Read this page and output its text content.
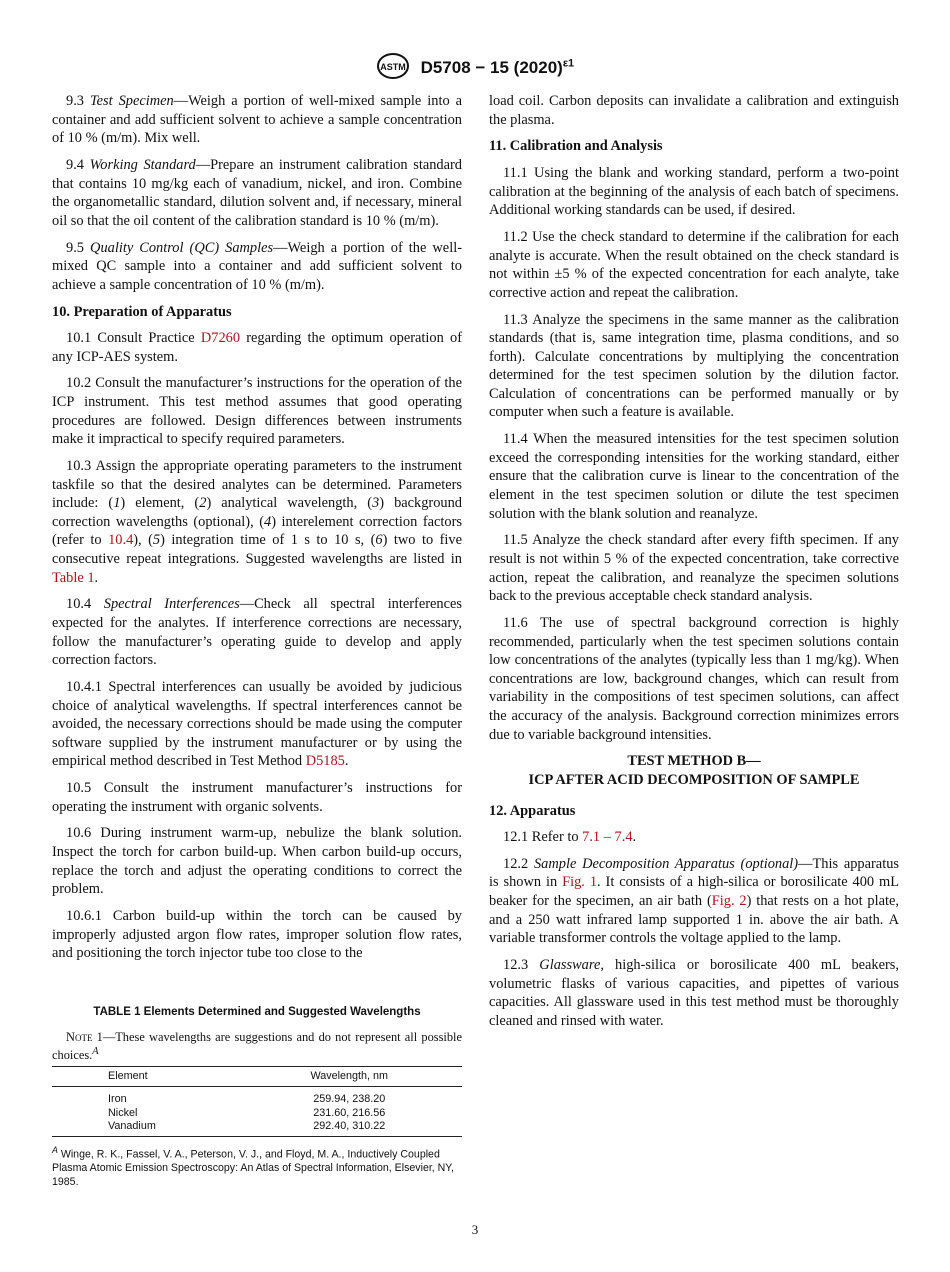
ASTM D5708 − 15 $(2020)^{\varepsilon 1}$

9.3 Test Specimen—Weigh a portion of well-mixed sample into a container and add sufficient solvent to achieve a sample concentration of 10 % (m/m). Mix well.

9.4 Working Standard—Prepare an instrument calibration standard that contains 10 mg/kg each of vanadium, nickel, and iron. Combine the organometallic standard, dilution solvent and, if necessary, mineral oil so that the oil content of the calibration standard is 10 % (m/m).

9.5 Quality Control (QC) Samples—Weigh a portion of the well-mixed QC sample into a container and add sufficient solvent to achieve a sample concentration of 10 % (m/m).

10. Preparation of Apparatus

10.1 Consult Practice D7260 regarding the optimum operation of any ICP-AES system.

10.2 Consult the manufacturer’s instructions for the operation of the ICP instrument. This test method assumes that good operating procedures are followed. Design differences between instruments make it impractical to specify required parameters.

10.3 Assign the appropriate operating parameters to the instrument taskfile so that the desired analytes can be determined. Parameters include: (1) element, (2) analytical wavelength, (3) background correction wavelengths (optional), (4) interelement correction factors (refer to 10.4), (5) integration time of 1 s to 10 s, (6) two to five consecutive repeat integrations. Suggested wavelengths are listed in Table 1.

10.4 Spectral Interferences—Check all spectral interferences expected for the analytes. If interference corrections are necessary, follow the manufacturer’s operating guide to develop and apply correction factors.

10.4.1 Spectral interferences can usually be avoided by judicious choice of analytical wavelengths. If spectral interferences cannot be avoided, the necessary corrections should be made using the computer software supplied by the instrument manufacturer or by using the empirical method described in Test Method D5185.

10.5 Consult the instrument manufacturer’s instructions for operating the instrument with organic solvents.

10.6 During instrument warm-up, nebulize the blank solution. Inspect the torch for carbon build-up. When carbon build-up occurs, replace the torch and adjust the operating conditions to correct the problem.

10.6.1 Carbon build-up within the torch can be caused by improperly adjusted argon flow rates, improper solution flow rates, and positioning the torch injector tube too close to the

TABLE 1 Elements Determined and Suggested Wavelengths
Note 1—These wavelengths are suggestions and do not represent all possible choices.$^A$
Element	Wavelength, nm
Iron	259.94, 238.20
Nickel	231.60, 216.56
Vanadium	292.40, 310.22
$^A$ Winge, R. K., Fassel, V. A., Peterson, V. J., and Floyd, M. A., Inductively Coupled Plasma Atomic Emission Spectroscopy: An Atlas of Spectral Information, Elsevier, NY, 1985.

load coil. Carbon deposits can invalidate a calibration and extinguish the plasma.

11. Calibration and Analysis

11.1 Using the blank and working standard, perform a two-point calibration at the beginning of the analysis of each batch of specimens. Additional working standards can be used, if desired.

11.2 Use the check standard to determine if the calibration for each analyte is accurate. When the result obtained on the check standard is not within ±5 % of the expected concentration for each analyte, take corrective action and repeat the calibration.

11.3 Analyze the specimens in the same manner as the calibration standards (that is, same integration time, plasma conditions, and so forth). Calculate concentrations by multiplying the concentration determined for the test specimen solution by the dilution factor. Calculation of concentrations can be performed manually or by computer when such a feature is available.

11.4 When the measured intensities for the test specimen solution exceed the corresponding intensities for the working standard, either ensure that the calibration curve is linear to the concentration of the element in the test specimen solution or dilute the test specimen solution with the blank solution and reanalyze.

11.5 Analyze the check standard after every fifth specimen. If any result is not within 5 % of the expected concentration, take corrective action, repeat the calibration, and reanalyze the specimen solutions back to the previous acceptable check standard analysis.

11.6 The use of spectral background correction is highly recommended, particularly when the test specimen solutions contain low concentrations of the analytes (typically less than 1 mg/kg). When concentrations are low, background changes, which can result from variability in the compositions of test specimen solutions, can affect the accuracy of the analysis. Background correction minimizes errors due to variable background intensities.

TEST METHOD B—
ICP AFTER ACID DECOMPOSITION OF SAMPLE
12. Apparatus

12.1 Refer to 7.1 – 7.4.

12.2 Sample Decomposition Apparatus (optional)—This apparatus is shown in Fig. 1. It consists of a high-silica or borosilicate 400 mL beaker for the specimen, an air bath (Fig. 2) that rests on a hot plate, and a 250 watt infrared lamp supported 1 in. above the air bath. A variable transformer controls the voltage applied to the lamp.

12.3 Glassware, high-silica or borosilicate 400 mL beakers, volumetric flasks of various capacities, and pipettes of various capacities. All glassware used in this test method must be thoroughly cleaned and rinsed with water.

3
